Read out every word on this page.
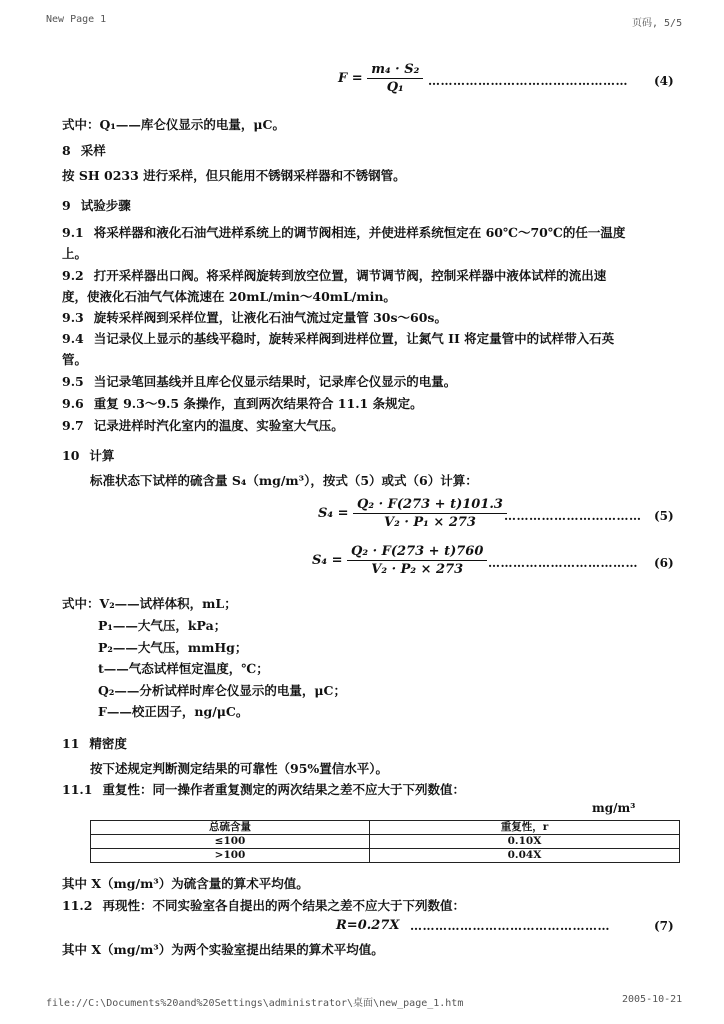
New Page 1	页码, 5/5
$F = \frac{\text{m₄ · S₂}}{\text{Q₁}}$ ………………………………………… (4)
式中：Q₁——库仑仪显示的电量，μC。
8 采样
按 SH 0233 进行采样，但只能用不锈钢采样器和不锈钢管。
9 试验步骤
9.1 将采样器和液化石油气进样系统上的调节阀相连，并使进样系统恒定在 60℃～70℃的任一温度
上。
9.2 打开采样器出口阀。将采样阀旋转到放空位置，调节调节阀，控制采样器中液体试样的流出速
度，使液化石油气气体流速在 20mL/min～40mL/min。
9.3 旋转采样阀到采样位置，让液化石油气流过定量管 30s～60s。
9.4 当记录仪上显示的基线平稳时，旋转采样阀到进样位置，让氮气 II 将定量管中的试样带入石英
管。
9.5 当记录笔回基线并且库仑仪显示结果时，记录库仑仪显示的电量。
9.6 重复 9.3～9.5 条操作，直到两次结果符合 11.1 条规定。
9.7 记录进样时汽化室内的温度、实验室大气压。
10 计算
标准状态下试样的硫含量 S₄（mg/m³），按式（5）或式（6）计算：
$S_4 = \frac{\text{Q₂ · F(273 + t)101.3}}{\text{V₂ · P₁ × 273}}$
…………………………… (5)
$S_4 = \frac{\text{Q₂ · F(273 + t)760}}{\text{V₂ · P₂ × 273}}$ ……………………………… (6)
式中：V₂——试样体积，mL；
P₁——大气压，kPa；
P₂——大气压，mmHg；
t——气态试样恒定温度，℃；
Q₂——分析试样时库仑仪显示的电量，μC；
F——校正因子，ng/μC。
11 精密度
按下述规定判断测定结果的可靠性（95%置信水平）。
11.1 重复性：同一操作者重复测定的两次结果之差不应大于下列数值：
mg/m³
总硫含量	重复性，r
≤100	0.10X
>100	0.04X
其中 X（mg/m³）为硫含量的算术平均值。
11.2 再现性：不同实验室各自提出的两个结果之差不应大于下列数值：
R=0.27X …………………………………………	(7)
其中 X（mg/m³）为两个实验室提出结果的算术平均值。
file://C:\Documents%20and%20Settings\administrator\桌面\new_page_1.htm	2005-10-21
